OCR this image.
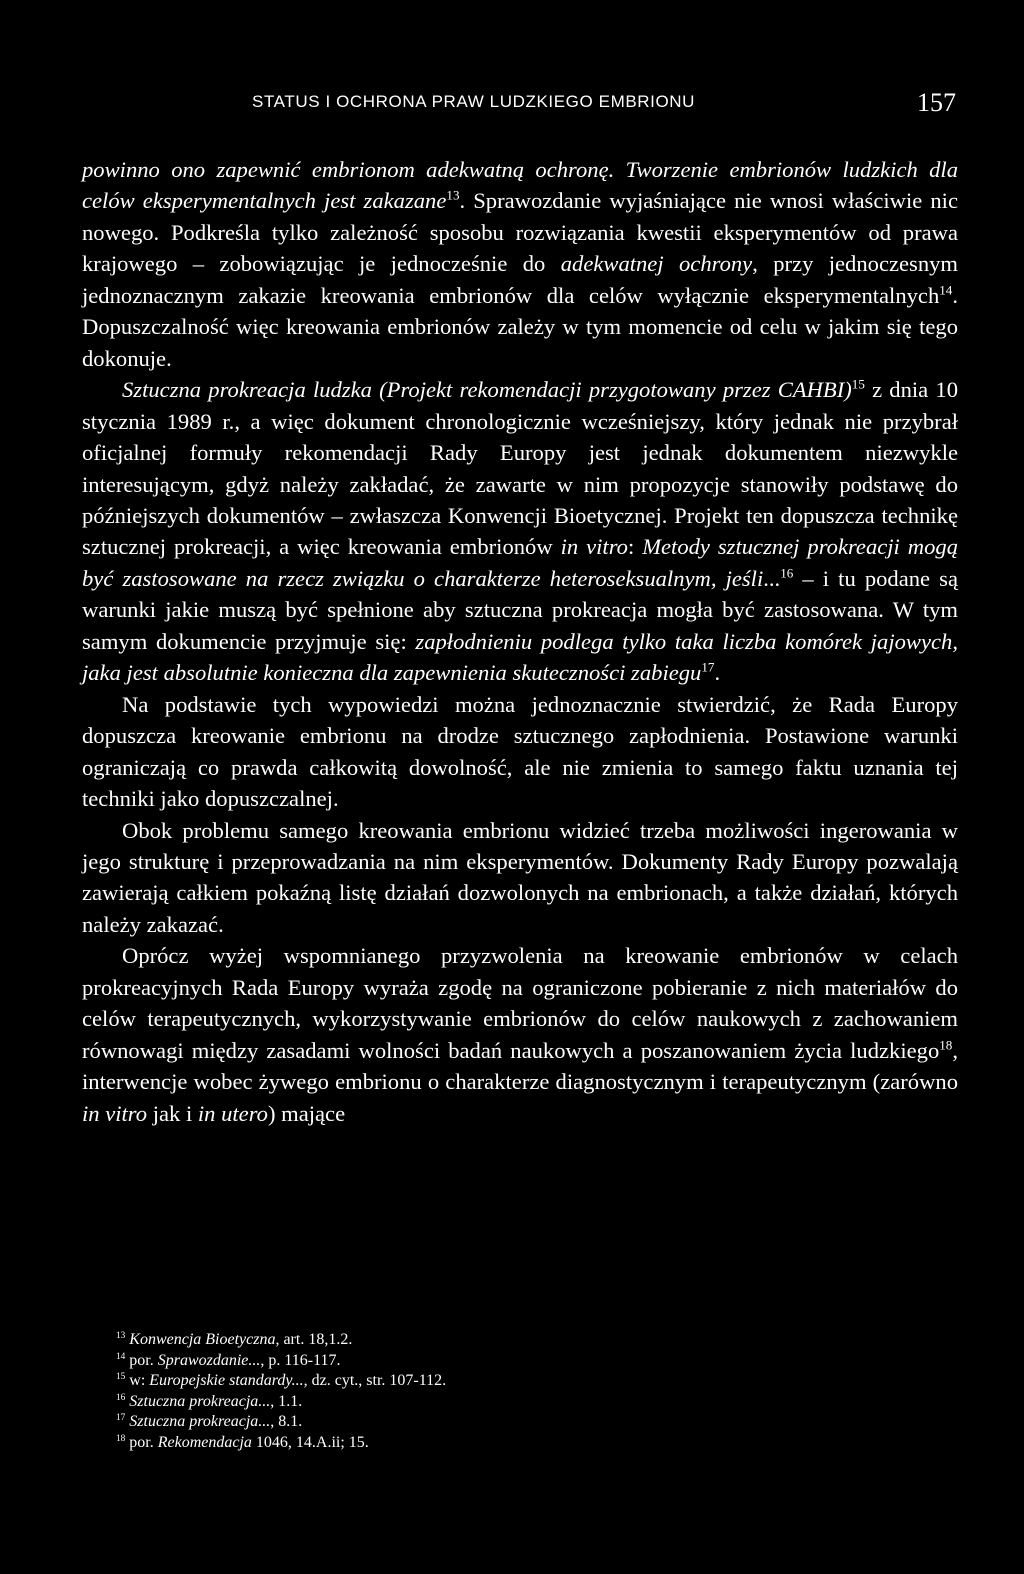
STATUS I OCHRONA PRAW LUDZKIEGO EMBRIONU	157

powinno ono zapewnić embrionom adekwatną ochronę. Tworzenie embrionów ludzkich dla celów eksperymentalnych jest zakazane$^{13}$. Sprawozdanie wyjaśniające nie wnosi właściwie nic nowego. Podkreśla tylko zależność sposobu rozwiązania kwestii eksperymentów od prawa krajowego – zobowiązując je jednocześnie do adekwatnej ochrony, przy jednoczesnym jednoznacznym zakazie kreowania embrionów dla celów wyłącznie eksperymentalnych$^{14}$. Dopuszczalność więc kreowania embrionów zależy w tym momencie od celu w jakim się tego dokonuje.

Sztuczna prokreacja ludzka (Projekt rekomendacji przygotowany przez CAHBI)$^{15}$ z dnia 10 stycznia 1989 r., a więc dokument chronologicznie wcześniejszy, który jednak nie przybrał oficjalnej formuły rekomendacji Rady Europy jest jednak dokumentem niezwykle interesującym, gdyż należy zakładać, że zawarte w nim propozycje stanowiły podstawę do późniejszych dokumentów – zwłaszcza Konwencji Bioetycznej. Projekt ten dopuszcza technikę sztucznej prokreacji, a więc kreowania embrionów in vitro: Metody sztucznej prokreacji mogą być zastosowane na rzecz związku o charakterze heteroseksualnym, jeśli...$^{16}$ – i tu podane są warunki jakie muszą być spełnione aby sztuczna prokreacja mogła być zastosowana. W tym samym dokumencie przyjmuje się: zapłodnieniu podlega tylko taka liczba komórek jajowych, jaka jest absolutnie konieczna dla zapewnienia skuteczności zabiegu$^{17}$.

Na podstawie tych wypowiedzi można jednoznacznie stwierdzić, że Rada Europy dopuszcza kreowanie embrionu na drodze sztucznego zapłodnienia. Postawione warunki ograniczają co prawda całkowitą dowolność, ale nie zmienia to samego faktu uznania tej techniki jako dopuszczalnej.

Obok problemu samego kreowania embrionu widzieć trzeba możliwości ingerowania w jego strukturę i przeprowadzania na nim eksperymentów. Dokumenty Rady Europy pozwalają zawierają całkiem pokaźną listę działań dozwolonych na embrionach, a także działań, których należy zakazać.

Oprócz wyżej wspomnianego przyzwolenia na kreowanie embrionów w celach prokreacyjnych Rada Europy wyraża zgodę na ograniczone pobieranie z nich materiałów do celów terapeutycznych, wykorzystywanie embrionów do celów naukowych z zachowaniem równowagi między zasadami wolności badań naukowych a poszanowaniem życia ludzkiego$^{18}$, interwencje wobec żywego embrionu o charakterze diagnostycznym i terapeutycznym (zarówno in vitro jak i in utero) mające

$^{13}$ Konwencja Bioetyczna, art. 18,1.2.

$^{14}$ por. Sprawozdanie..., p. 116-117.

$^{15}$ w: Europejskie standardy..., dz. cyt., str. 107-112.

$^{16}$ Sztuczna prokreacja..., 1.1.

$^{17}$ Sztuczna prokreacja..., 8.1.

$^{18}$ por. Rekomendacja 1046, 14.A.ii; 15.
